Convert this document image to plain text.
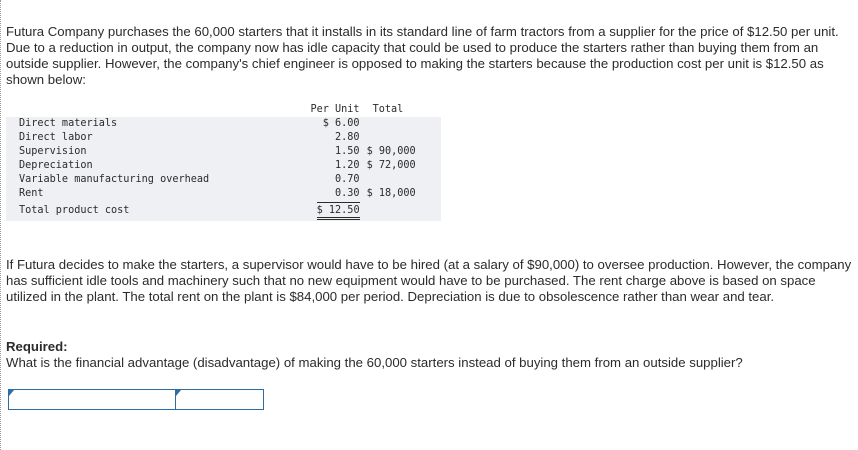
Futura Company purchases the 60,000 starters that it installs in its standard line of farm tractors from a supplier for the price of $12.50 per unit. Due to a reduction in output, the company now has idle capacity that could be used to produce the starters rather than buying them from an outside supplier. However, the company's chief engineer is opposed to making the starters because the production cost per unit is $12.50 as shown below:

	Per Unit		Total	
Direct materials	$ 6.00			
Direct labor	2.80			
Supervision	1.50		$ 90,000	
Depreciation	1.20		$ 72,000	
Variable manufacturing overhead	0.70			
Rent	0.30		$ 18,000	
Total product cost	$ 12.50			

If Futura decides to make the starters, a supervisor would have to be hired (at a salary of $90,000) to oversee production. However, the company has sufficient idle tools and machinery such that no new equipment would have to be purchased. The rent charge above is based on space utilized in the plant. The total rent on the plant is $84,000 per period. Depreciation is due to obsolescence rather than wear and tear.

Required:
What is the financial advantage (disadvantage) of making the 60,000 starters instead of buying them from an outside supplier?
